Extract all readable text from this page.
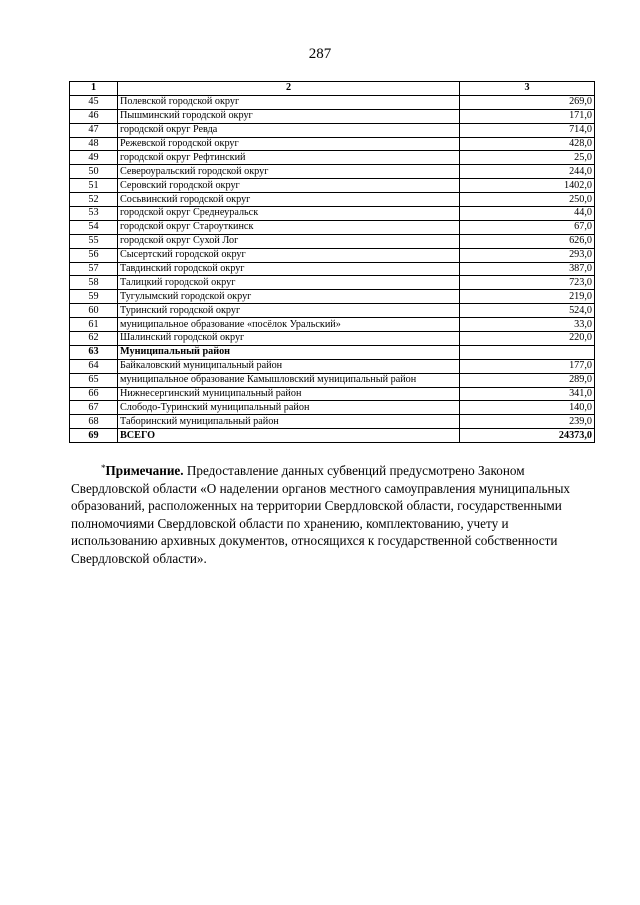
287
1	2	3
45	Полевской городской округ	269,0
46	Пышминский городской округ	171,0
47	городской округ Ревда	714,0
48	Режевской городской округ	428,0
49	городской округ Рефтинский	25,0
50	Североуральский городской округ	244,0
51	Серовский городской округ	1402,0
52	Сосьвинский городской округ	250,0
53	городской округ Среднеуральск	44,0
54	городской округ Староуткинск	67,0
55	городской округ Сухой Лог	626,0
56	Сысертский городской округ	293,0
57	Тавдинский городской округ	387,0
58	Талицкий городской округ	723,0
59	Тугулымский городской округ	219,0
60	Туринский городской округ	524,0
61	муниципальное образование «посёлок Уральский»	33,0
62	Шалинский городской округ	220,0
63	Муниципальный район	
64	Байкаловский муниципальный район	177,0
65	муниципальное образование Камышловский муниципальный район	289,0
66	Нижнесергинский муниципальный район	341,0
67	Слободо-Туринский муниципальный район	140,0
68	Таборинский муниципальный район	239,0
69	ВСЕГО	24373,0

*Примечание. Предоставление данных субвенций предусмотрено Законом Свердловской области «О наделении органов местного самоуправления муниципальных образований, расположенных на территории Свердловской области, государственными полномочиями Свердловской области по хранению, комплектованию, учету и использованию архивных документов, относящихся к государственной собственности Свердловской области».
